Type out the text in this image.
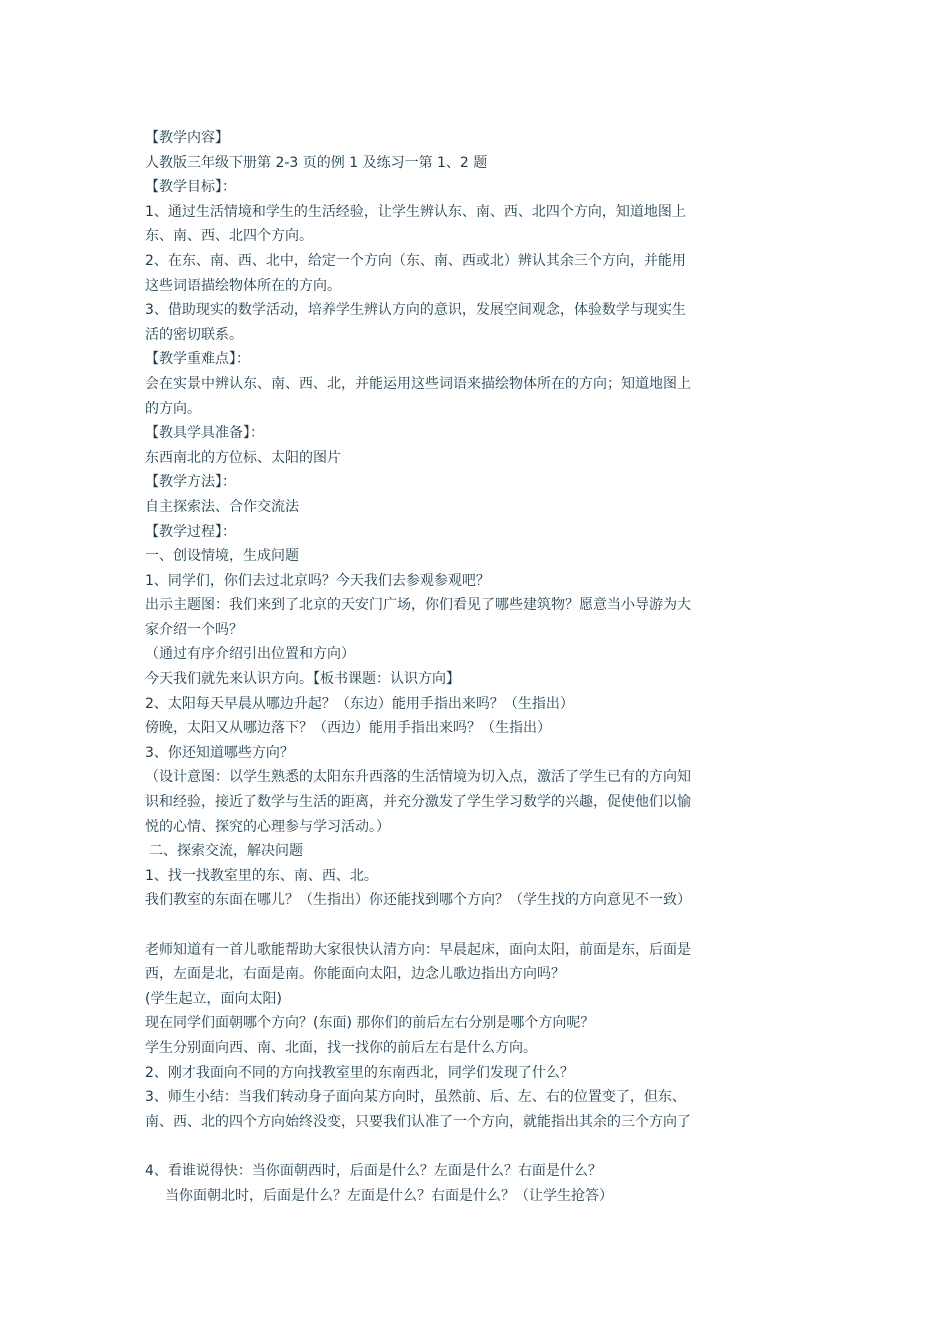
【教学内容】
人教版三年级下册第 2-3 页的例 1 及练习一第 1、2 题
【教学目标】：
1、通过生活情境和学生的生活经验，让学生辨认东、南、西、北四个方向，知道地图上
东、南、西、北四个方向。
2、在东、南、西、北中，给定一个方向（东、南、西或北）辨认其余三个方向，并能用
这些词语描绘物体所在的方向。
3、借助现实的数学活动，培养学生辨认方向的意识，发展空间观念，体验数学与现实生
活的密切联系。
【教学重难点】：
会在实景中辨认东、南、西、北，并能运用这些词语来描绘物体所在的方向；知道地图上
的方向。
【教具学具准备】：
东西南北的方位标、太阳的图片
【教学方法】：
自主探索法、合作交流法
【教学过程】：
一、创设情境，生成问题
1、同学们，你们去过北京吗？今天我们去参观参观吧？
出示主题图：我们来到了北京的天安门广场，你们看见了哪些建筑物？愿意当小导游为大
家介绍一个吗？
（通过有序介绍引出位置和方向）
今天我们就先来认识方向。【板书课题：认识方向】
2、太阳每天早晨从哪边升起？（东边）能用手指出来吗？（生指出）
傍晚，太阳又从哪边落下？（西边）能用手指出来吗？（生指出）
3、你还知道哪些方向？
（设计意图：以学生熟悉的太阳东升西落的生活情境为切入点，激活了学生已有的方向知
识和经验，接近了数学与生活的距离，并充分激发了学生学习数学的兴趣，促使他们以愉
悦的心情、探究的心理参与学习活动。）
二、探索交流，解决问题
1、找一找教室里的东、南、西、北。
我们教室的东面在哪儿？（生指出）你还能找到哪个方向？（学生找的方向意见不一致）
老师知道有一首儿歌能帮助大家很快认清方向：早晨起床，面向太阳，前面是东，后面是
西，左面是北，右面是南。你能面向太阳，边念儿歌边指出方向吗？
(学生起立，面向太阳)
现在同学们面朝哪个方向？(东面) 那你们的前后左右分别是哪个方向呢？
学生分别面向西、南、北面，找一找你的前后左右是什么方向。
2、刚才我面向不同的方向找教室里的东南西北，同学们发现了什么？
3、师生小结：当我们转动身子面向某方向时，虽然前、后、左、右的位置变了，但东、
南、西、北的四个方向始终没变，只要我们认准了一个方向，就能指出其余的三个方向了
4、看谁说得快：当你面朝西时，后面是什么？左面是什么？右面是什么？
当你面朝北时，后面是什么？左面是什么？右面是什么？（让学生抢答）
